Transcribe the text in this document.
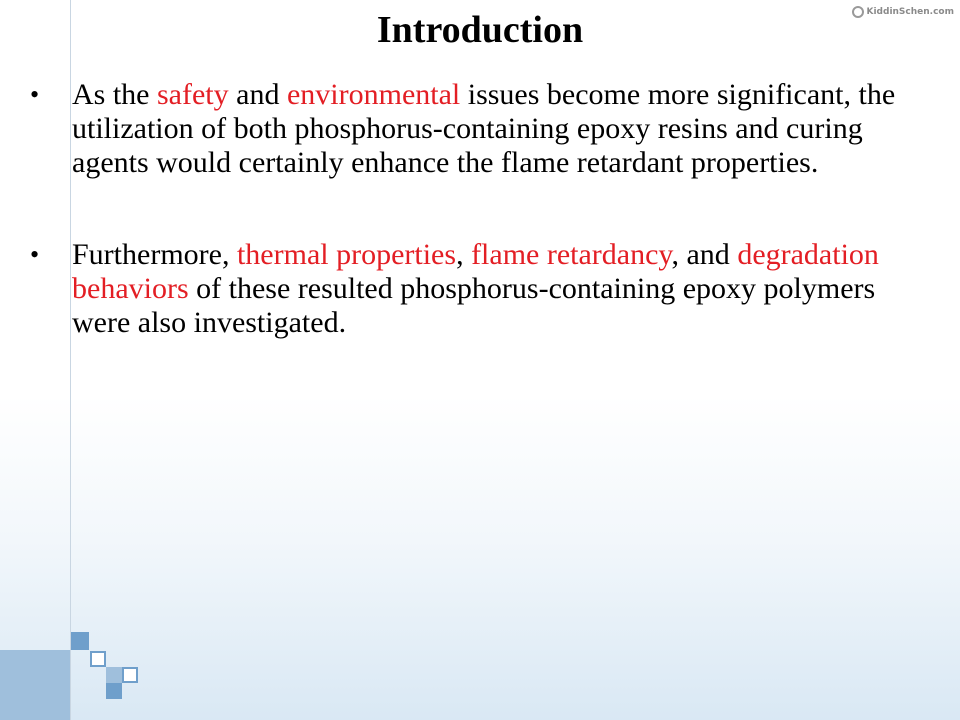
KiddinSchen.com
Introduction
• As the safety and environmental issues become more significant, the utilization of both phosphorus-containing epoxy resins and curing agents would certainly enhance the flame retardant properties.
• Furthermore, thermal properties, flame retardancy, and degradation behaviors of these resulted phosphorus-containing epoxy polymers were also investigated.
